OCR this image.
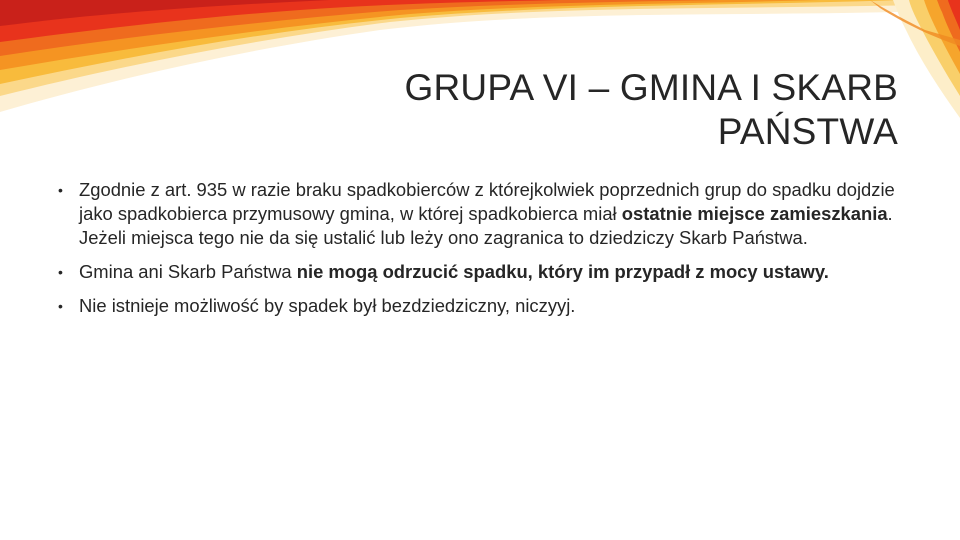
GRUPA VI – GMINA I SKARB
PAŃSTWA

• Zgodnie z art. 935 w razie braku spadkobierców z którejkolwiek poprzednich grup do spadku dojdzie jako spadkobierca przymusowy gmina, w której spadkobierca miał ostatnie miejsce zamieszkania. Jeżeli miejsca tego nie da się ustalić lub leży ono zagranica to dziedziczy Skarb Państwa.

• Gmina ani Skarb Państwa nie mogą odrzucić spadku, który im przypadł z mocy ustawy.

• Nie istnieje możliwość by spadek był bezdziedziczny, niczyyj.
